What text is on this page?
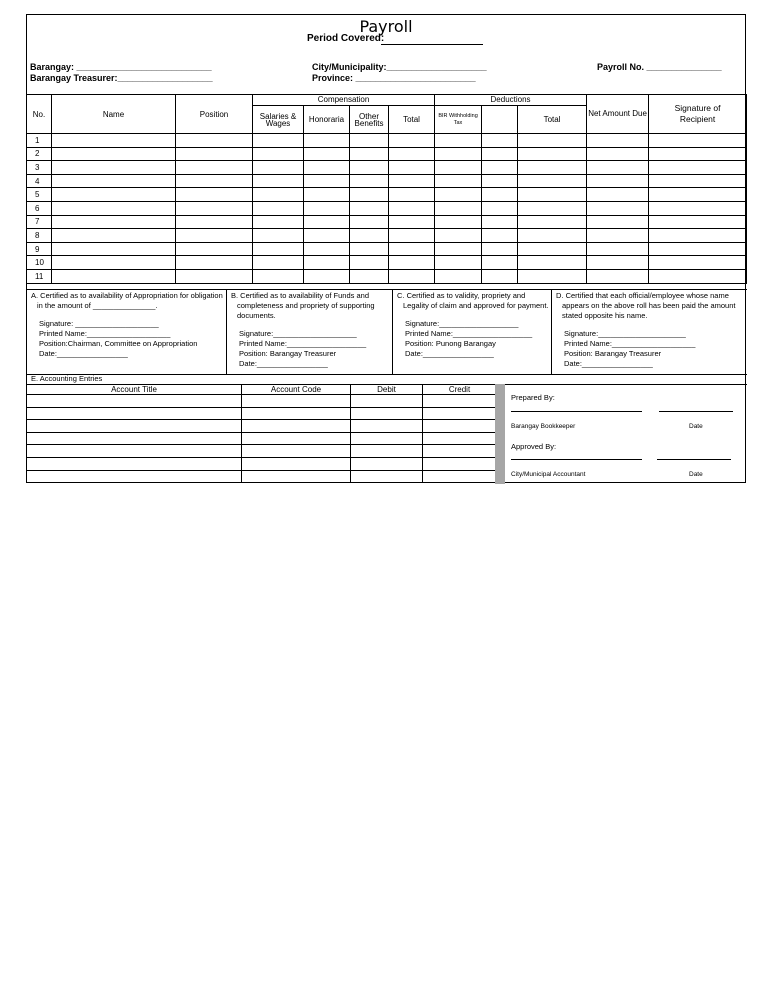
Payroll
Period Covered:
Barangay: ___________________________
Barangay Treasurer:___________________
City/Municipality:____________________
Province: ________________________
Payroll No. _______________
No.	Name	Position	Compensation				Deductions			Net Amount Due	Signature of Recipient
			Salaries & Wages	Honoraria	Other Benefits	Total	BIR Withholding Tax		Total		
1											
2											
3											
4											
5											
6											
7											
8											
9											
10											
11											
A. Certified as to availability of Appropriation for obligation in the amount of _______________.
Signature: ____________________
Printed Name:____________________
Position:Chairman, Committee on Appropriation
Date:_________________
B. Certified as to availability of Funds and completeness and propriety of supporting documents.
Signature:____________________
Printed Name:___________________
Position: Barangay Treasurer
Date:_________________
C. Certified as to validity, propriety and Legality of claim and approved for payment.
Signature:___________________
Printed Name:___________________
Position: Punong Barangay
Date:_________________
D. Certified that each official/employee whose name appears on the above roll has been paid the amount stated opposite his name.
Signature:_____________________
Printed Name:____________________
Position: Barangay Treasurer
Date:_________________
E. Accounting Entries
Account Title	Account Code	Debit	Credit

Prepared By:
Barangay Bookkeeper	Date
Approved By:
City/Municipal Accountant	Date
